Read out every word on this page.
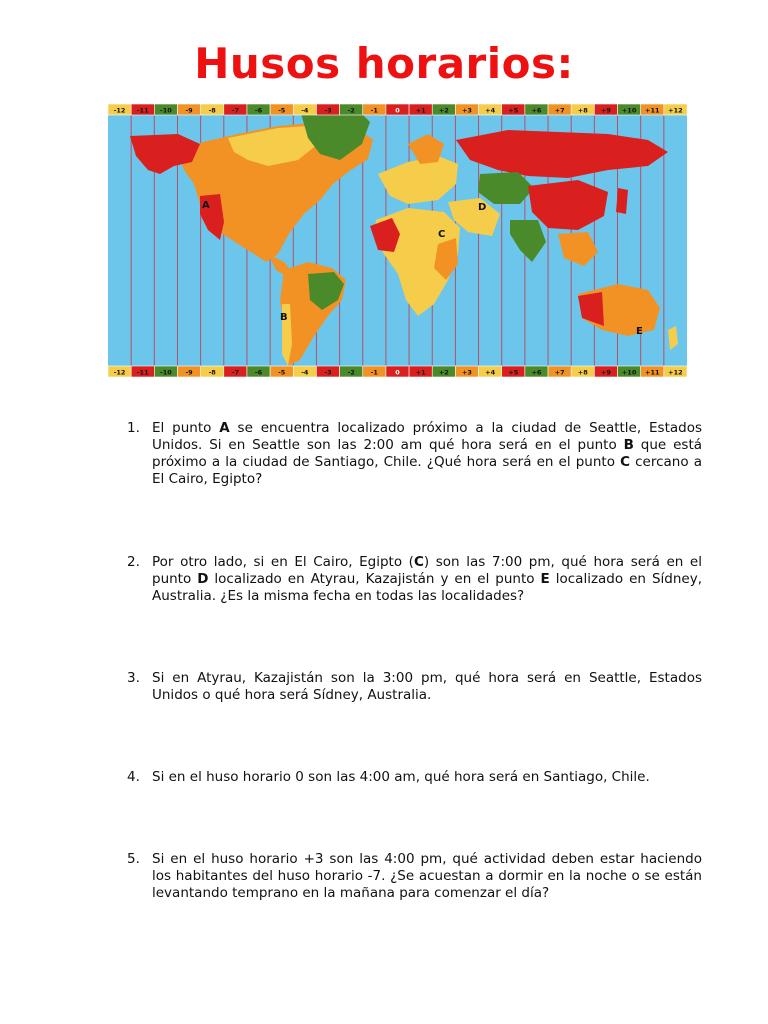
Husos horarios:
-12 -11 -10 -9 -8 -7 -6 -5 -4 -3 -2 -1	0 +1 +2 +3 +4 +5 +6 +7 +8 +9 +10 +11 +12
-12 -11 -10 -9 -8 -7 -6 -5 -4 -3 -2 -1	0 +1 +2 +3 +4 +5 +6 +7 +8 +9 +10 +11 +12
A
B
C
D
E
1. El punto A se encuentra localizado próximo a la ciudad de Seattle, Estados Unidos. Si en Seattle son las 2:00 am qué hora será en el punto B que está próximo a la ciudad de Santiago, Chile. ¿Qué hora será en el punto C cercano a El Cairo, Egipto?
2. Por otro lado, si en El Cairo, Egipto (C) son las 7:00 pm, qué hora será en el punto D localizado en Atyrau, Kazajistán y en el punto E localizado en Sídney, Australia. ¿Es la misma fecha en todas las localidades?
3. Si en Atyrau, Kazajistán son la 3:00 pm, qué hora será en Seattle, Estados Unidos o qué hora será Sídney, Australia.
4. Si en el huso horario 0 son las 4:00 am, qué hora será en Santiago, Chile.
5. Si en el huso horario +3 son las 4:00 pm, qué actividad deben estar haciendo los habitantes del huso horario -7. ¿Se acuestan a dormir en la noche o se están levantando temprano en la mañana para comenzar el día?
